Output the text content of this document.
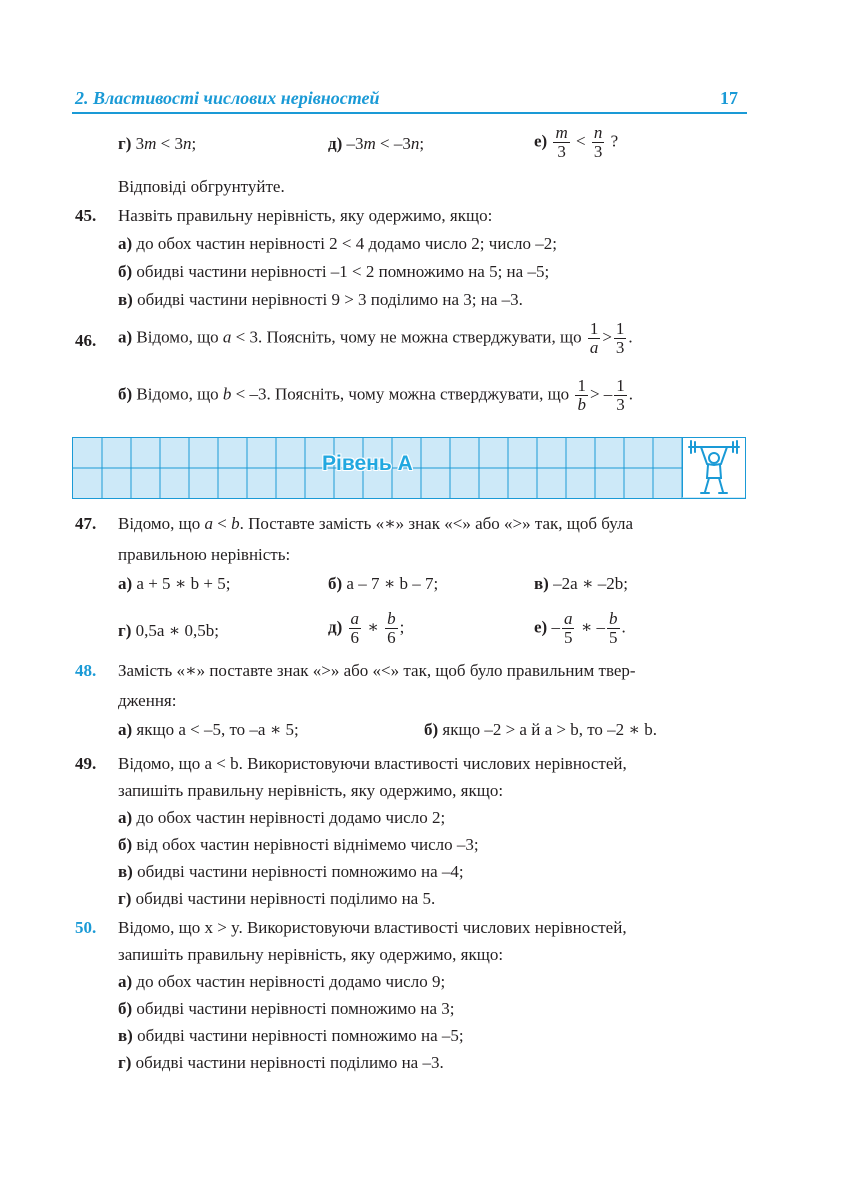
2. Властивості числових нерівностей	17
г) 3m < 3n;	д) –3m < –3n;	$е) \frac{m}{3} < \frac{n}{3}$ ?
Відповіді обгрунтуйте.
45. Назвіть правильну нерівність, яку одержимо, якщо:
а) до обох частин нерівності 2 < 4 додамо число 2; число –2;
б) обидві частини нерівності –1 < 2 помножимо на 5; на –5;
в) обидві частини нерівності 9 > 3 поділимо на 3; на –3.
46. а) Відомо, що a < 3. Поясніть, чому не можна стверджувати, що $\frac{1}{a} > \frac{1}{3}$ .
б) Відомо, що b < –3. Поясніть, чому можна стверджувати, що $\frac{1}{b}$ > – $\frac{1}{3}$ .
Рівень А
47. Відомо, що a < b. Поставте замість «∗» знак «<» або «>» так, щоб була
правильною нерівність:
а) a + 5 ∗ b + 5;	б) a – 7 ∗ b – 7;	в) –2a ∗ –2b;
г) 0,5a ∗ 0,5b;	$д) \frac{a}{6}$ ∗ $\frac{b}{6}$ ;	$е) - \frac{a}{5}$ ∗ – $\frac{b}{5}$ .
48. Замість «∗» поставте знак «>» або «<» так, щоб було правильним твер-
дження:
а) якщо a < –5, то –a ∗ 5;	б) якщо –2 > a й a > b, то –2 ∗ b.
49. Відомо, що a < b. Використовуючи властивості числових нерівностей,
запишіть правильну нерівність, яку одержимо, якщо:
а) до обох частин нерівності додамо число 2;
б) від обох частин нерівності віднімемо число –3;
в) обидві частини нерівності помножимо на –4;
г) обидві частини нерівності поділимо на 5.
50. Відомо, що x > y. Використовуючи властивості числових нерівностей,
запишіть правильну нерівність, яку одержимо, якщо:
а) до обох частин нерівності додамо число 9;
б) обидві частини нерівності помножимо на 3;
в) обидві частини нерівності помножимо на –5;
г) обидві частини нерівності поділимо на –3.
